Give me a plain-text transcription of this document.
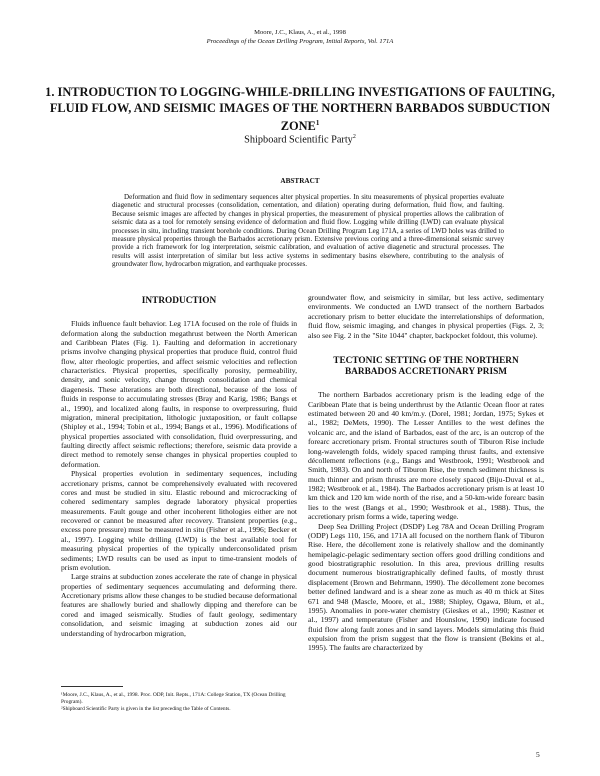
Moore, J.C., Klaus, A., et al., 1998
Proceedings of the Ocean Drilling Program, Initial Reports, Vol. 171A
1. INTRODUCTION TO LOGGING-WHILE-DRILLING INVESTIGATIONS OF FAULTING, FLUID FLOW, AND SEISMIC IMAGES OF THE NORTHERN BARBADOS SUBDUCTION ZONE$^1$
Shipboard Scientific Party$^2$
ABSTRACT
Deformation and fluid flow in sedimentary sequences alter physical properties. In situ measurements of physical properties evaluate diagenetic and structural processes (consolidation, cementation, and dilation) operating during deformation, fluid flow, and faulting. Because seismic images are affected by changes in physical properties, the measurement of physical properties allows the calibration of seismic data as a tool for remotely sensing evidence of deformation and fluid flow. Logging while drilling (LWD) can evaluate physical processes in situ, including transient borehole conditions. During Ocean Drilling Program Leg 171A, a series of LWD holes was drilled to measure physical properties through the Barbados accretionary prism. Extensive previous coring and a three-dimensional seismic survey provide a rich framework for log interpretation, seismic calibration, and evaluation of active diagenetic and structural processes. The results will assist interpretation of similar but less active systems in sedimentary basins elsewhere, contributing to the analysis of groundwater flow, hydrocarbon migration, and earthquake processes.
INTRODUCTION

Fluids influence fault behavior. Leg 171A focused on the role of fluids in deformation along the subduction megathrust between the North American and Caribbean Plates (Fig. 1). Faulting and deformation in accretionary prisms involve changing physical properties that produce fluid, control fluid flow, alter rheologic properties, and affect seismic velocities and reflection characteristics. Physical properties, specifically porosity, permeability, density, and sonic velocity, change through consolidation and chemical diagenesis. These alterations are both directional, because of the loss of fluids in response to accumulating stresses (Bray and Karig, 1986; Bangs et al., 1990), and localized along faults, in response to overpressuring, fluid migration, mineral precipitation, lithologic juxtaposition, or fault collapse (Shipley et al., 1994; Tobin et al., 1994; Bangs et al., 1996). Modifications of physical properties associated with consolidation, fluid overpressuring, and faulting directly affect seismic reflections; therefore, seismic data provide a direct method to remotely sense changes in physical properties coupled to deformation.

Physical properties evolution in sedimentary sequences, including accretionary prisms, cannot be comprehensively evaluated with recovered cores and must be studied in situ. Elastic rebound and microcracking of cohered sedimentary samples degrade laboratory physical properties measurements. Fault gouge and other incoherent lithologies either are not recovered or cannot be measured after recovery. Transient properties (e.g., excess pore pressure) must be measured in situ (Fisher et al., 1996; Becker et al., 1997). Logging while drilling (LWD) is the best available tool for measuring physical properties of the typically underconsolidated prism sediments; LWD results can be used as input to time-transient models of prism evolution.

Large strains at subduction zones accelerate the rate of change in physical properties of sedimentary sequences accumulating and deforming there. Accretionary prisms allow these changes to be studied because deformational features are shallowly buried and shallowly dipping and therefore can be cored and imaged seismically. Studies of fault geology, sedimentary consolidation, and seismic imaging at subduction zones aid our understanding of hydrocarbon migration,

groundwater flow, and seismicity in similar, but less active, sedimentary environments. We conducted an LWD transect of the northern Barbados accretionary prism to better elucidate the interrelationships of deformation, fluid flow, seismic imaging, and changes in physical properties (Figs. 2, 3; also see Fig. 2 in the "Site 1044" chapter, backpocket foldout, this volume).

TECTONIC SETTING OF THE NORTHERN BARBADOS ACCRETIONARY PRISM

The northern Barbados accretionary prism is the leading edge of the Caribbean Plate that is being underthrust by the Atlantic Ocean floor at rates estimated between 20 and 40 km/m.y. (Dorel, 1981; Jordan, 1975; Sykes et al., 1982; DeMets, 1990). The Lesser Antilles to the west defines the volcanic arc, and the island of Barbados, east of the arc, is an outcrop of the forearc accretionary prism. Frontal structures south of Tiburon Rise include long-wavelength folds, widely spaced ramping thrust faults, and extensive décollement reflections (e.g., Bangs and Westbrook, 1991; Westbrook and Smith, 1983). On and north of Tiburon Rise, the trench sediment thickness is much thinner and prism thrusts are more closely spaced (Biju-Duval et al., 1982; Westbrook et al., 1984). The Barbados accretionary prism is at least 10 km thick and 120 km wide north of the rise, and a 50-km-wide forearc basin lies to the west (Bangs et al., 1990; Westbrook et al., 1988). Thus, the accretionary prism forms a wide, tapering wedge.

Deep Sea Drilling Project (DSDP) Leg 78A and Ocean Drilling Program (ODP) Legs 110, 156, and 171A all focused on the northern flank of Tiburon Rise. Here, the décollement zone is relatively shallow and the dominantly hemipelagic-pelagic sedimentary section offers good drilling conditions and good biostratigraphic resolution. In this area, previous drilling results document numerous biostratigraphically defined faults, of mostly thrust displacement (Brown and Behrmann, 1990). The décollement zone becomes better defined landward and is a shear zone as much as 40 m thick at Sites 671 and 948 (Mascle, Moore, et al., 1988; Shipley, Ogawa, Blum, et al., 1995). Anomalies in pore-water chemistry (Gieskes et al., 1990; Kastner et al., 1997) and temperature (Fisher and Hounslow, 1990) indicate focused fluid flow along fault zones and in sand layers. Models simulating this fluid expulsion from the prism suggest that the flow is transient (Bekins et al., 1995). The faults are characterized by

¹Moore, J.C., Klaus, A., et al., 1998. Proc. ODP, Init. Repts., 171A: College Station, TX (Ocean Drilling Program).
²Shipboard Scientific Party is given in the list preceding the Table of Contents.
5
